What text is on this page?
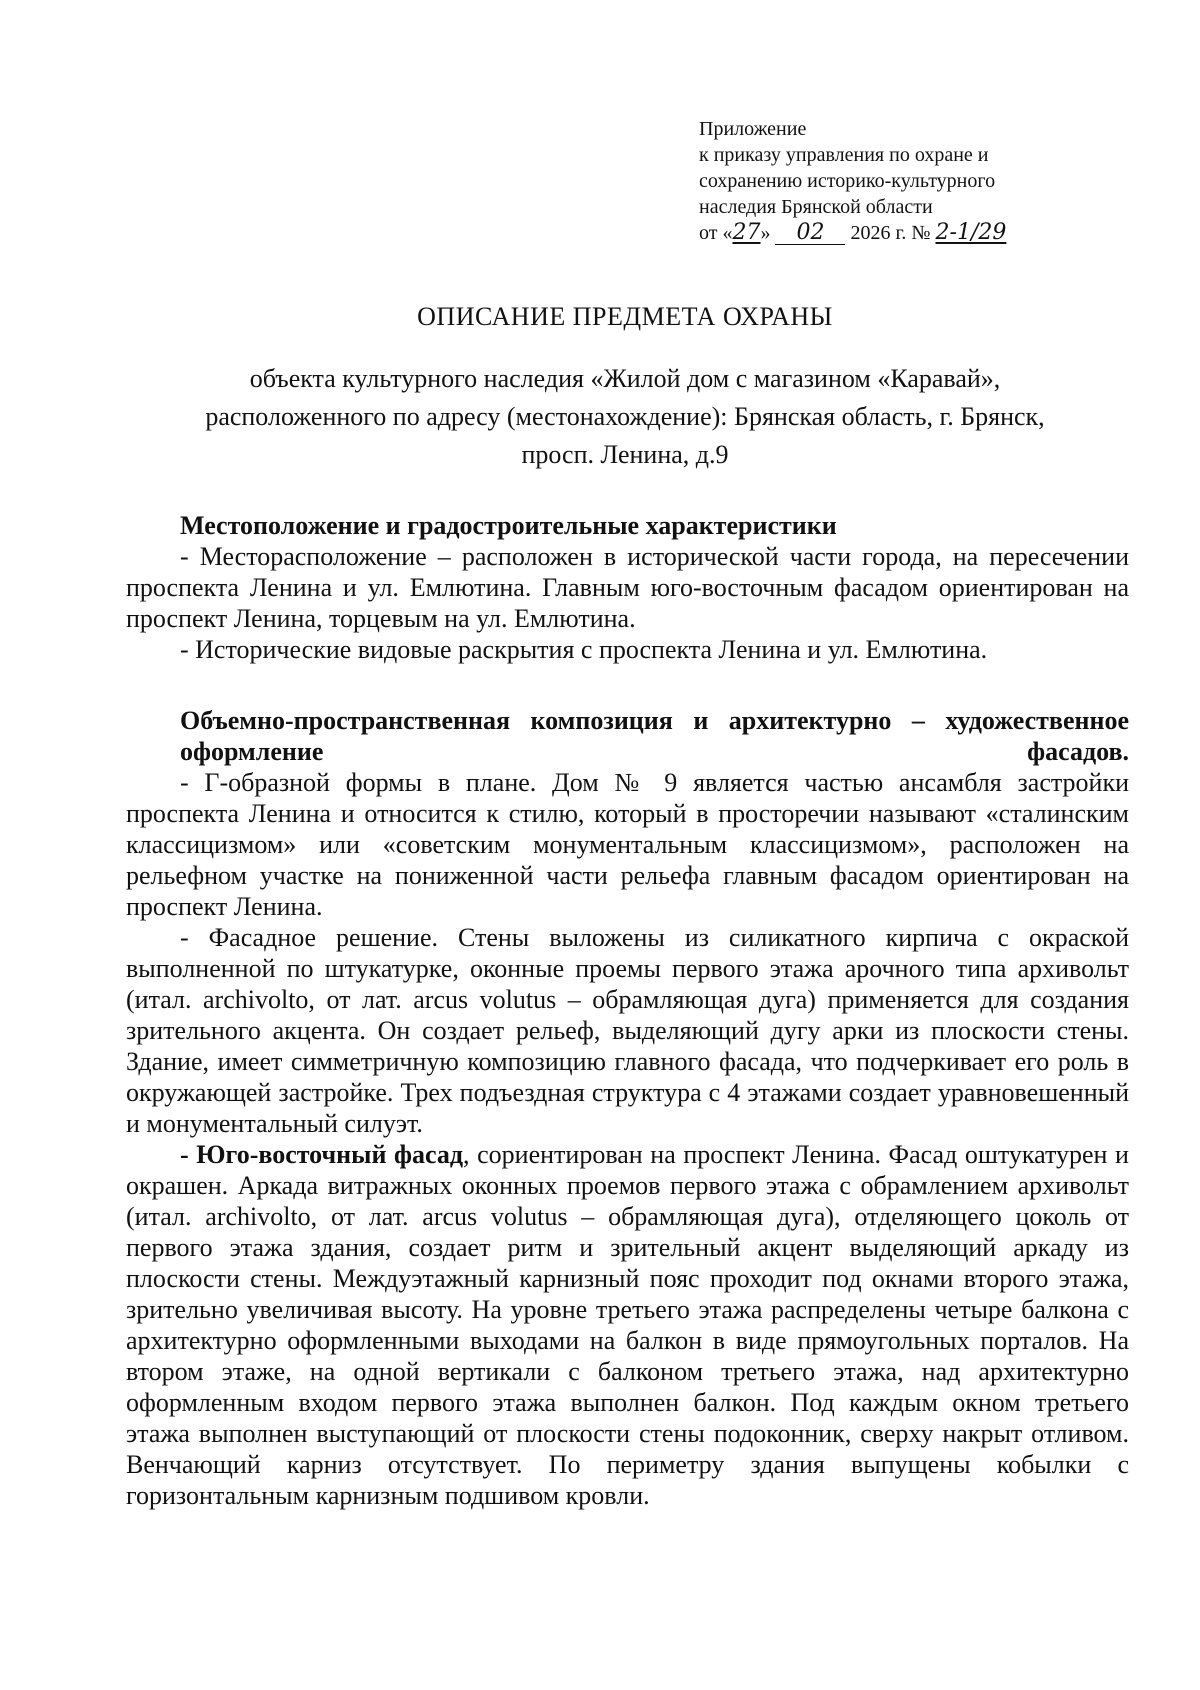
Приложение
к приказу управления по охране и
сохранению историко-культурного
наследия Брянской области
от «27» 02 2026 г. № 2-1/29
ОПИСАНИЕ ПРЕДМЕТА ОХРАНЫ
объекта культурного наследия «Жилой дом с магазином «Каравай»,
расположенного по адресу (местонахождение): Брянская область, г. Брянск,
просп. Ленина, д.9
Местоположение и градостроительные характеристики

- Месторасположение – расположен в исторической части города, на пересечении проспекта Ленина и ул. Емлютина. Главным юго-восточным фасадом ориентирован на проспект Ленина, торцевым на ул. Емлютина.

- Исторические видовые раскрытия с проспекта Ленина и ул. Емлютина.

Объемно-пространственная композиция и архитектурно – художественное оформление фасадов.

- Г-образной формы в плане. Дом № 9 является частью ансамбля застройки проспекта Ленина и относится к стилю, который в просторечии называют «сталинским классицизмом» или «советским монументальным классицизмом», расположен на рельефном участке на пониженной части рельефа главным фасадом ориентирован на проспект Ленина.

- Фасадное решение. Стены выложены из силикатного кирпича с окраской выполненной по штукатурке, оконные проемы первого этажа арочного типа архивольт (итал. archivolto, от лат. arcus volutus – обрамляющая дуга) применяется для создания зрительного акцента. Он создает рельеф, выделяющий дугу арки из плоскости стены. Здание, имеет симметричную композицию главного фасада, что подчеркивает его роль в окружающей застройке. Трех подъездная структура с 4 этажами создает уравновешенный и монументальный силуэт.

- Юго-восточный фасад, сориентирован на проспект Ленина. Фасад оштукатурен и окрашен. Аркада витражных оконных проемов первого этажа с обрамлением архивольт (итал. archivolto, от лат. arcus volutus – обрамляющая дуга), отделяющего цоколь от первого этажа здания, создает ритм и зрительный акцент выделяющий аркаду из плоскости стены. Междуэтажный карнизный пояс проходит под окнами второго этажа, зрительно увеличивая высоту. На уровне третьего этажа распределены четыре балкона с архитектурно оформленными выходами на балкон в виде прямоугольных порталов. На втором этаже, на одной вертикали с балконом третьего этажа, над архитектурно оформленным входом первого этажа выполнен балкон. Под каждым окном третьего этажа выполнен выступающий от плоскости стены подоконник, сверху накрыт отливом. Венчающий карниз отсутствует. По периметру здания выпущены кобылки с горизонтальным карнизным подшивом кровли.
